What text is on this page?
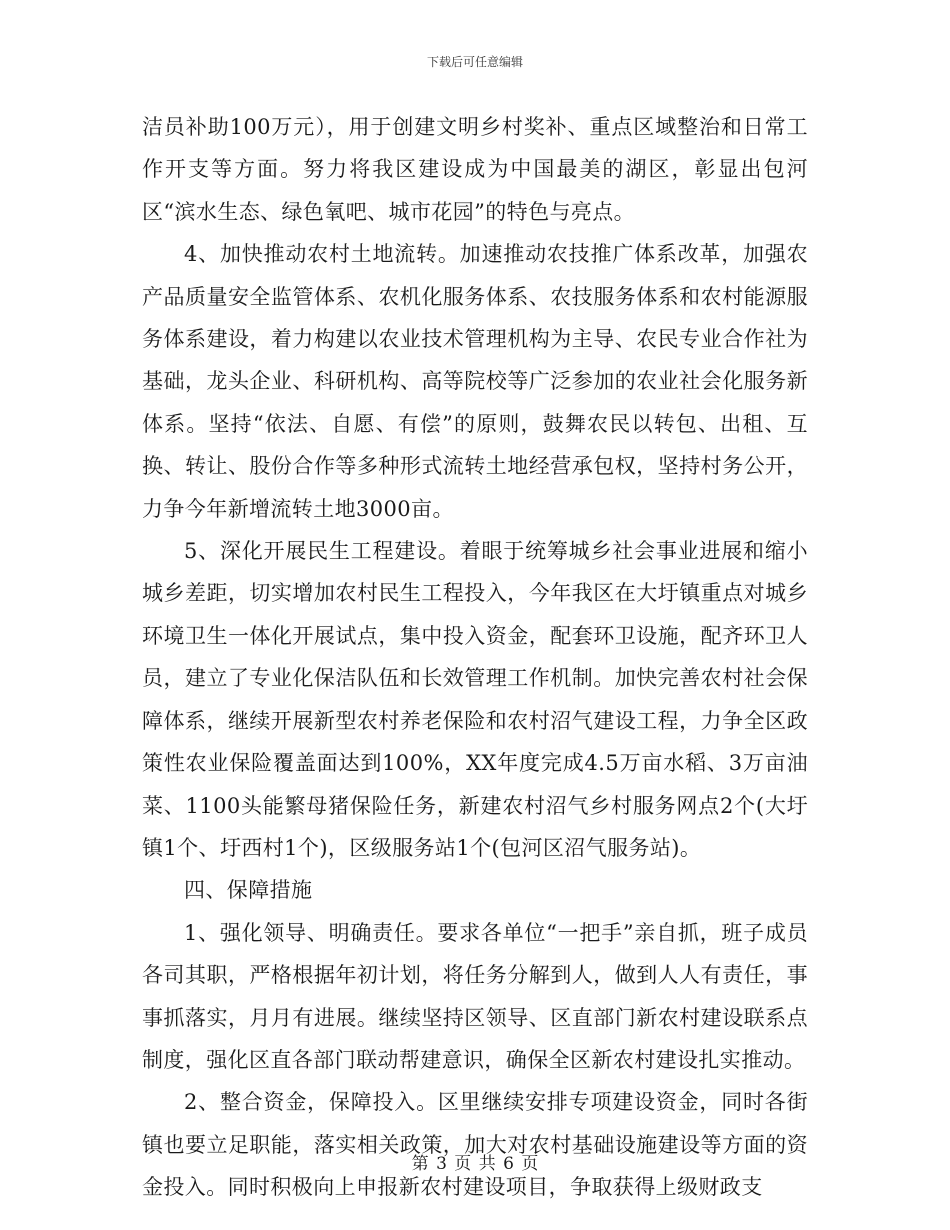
下载后可任意编辑

洁员补助100万元），用于创建文明乡村奖补、重点区域整治和日常工作开支等方面。努力将我区建设成为中国最美的湖区，彰显出包河区“滨水生态、绿色氧吧、城市花园”的特色与亮点。

4、加快推动农村土地流转。加速推动农技推广体系改革，加强农产品质量安全监管体系、农机化服务体系、农技服务体系和农村能源服务体系建设，着力构建以农业技术管理机构为主导、农民专业合作社为基础，龙头企业、科研机构、高等院校等广泛参加的农业社会化服务新体系。坚持“依法、自愿、有偿”的原则，鼓舞农民以转包、出租、互换、转让、股份合作等多种形式流转土地经营承包权，坚持村务公开，力争今年新增流转土地3000亩。

5、深化开展民生工程建设。着眼于统筹城乡社会事业进展和缩小城乡差距，切实增加农村民生工程投入，今年我区在大圩镇重点对城乡环境卫生一体化开展试点，集中投入资金，配套环卫设施，配齐环卫人员，建立了专业化保洁队伍和长效管理工作机制。加快完善农村社会保障体系，继续开展新型农村养老保险和农村沼气建设工程，力争全区政策性农业保险覆盖面达到100%，XX年度完成4.5万亩水稻、3万亩油菜、1100头能繁母猪保险任务，新建农村沼气乡村服务网点2个(大圩镇1个、圩西村1个)，区级服务站1个(包河区沼气服务站)。

四、保障措施

1、强化领导、明确责任。要求各单位“一把手”亲自抓，班子成员各司其职，严格根据年初计划，将任务分解到人，做到人人有责任，事事抓落实，月月有进展。继续坚持区领导、区直部门新农村建设联系点制度，强化区直各部门联动帮建意识，确保全区新农村建设扎实推动。

2、整合资金，保障投入。区里继续安排专项建设资金，同时各街镇也要立足职能，落实相关政策，加大对农村基础设施建设等方面的资金投入。同时积极向上申报新农村建设项目，争取获得上级财政支

第 3 页 共 6 页
